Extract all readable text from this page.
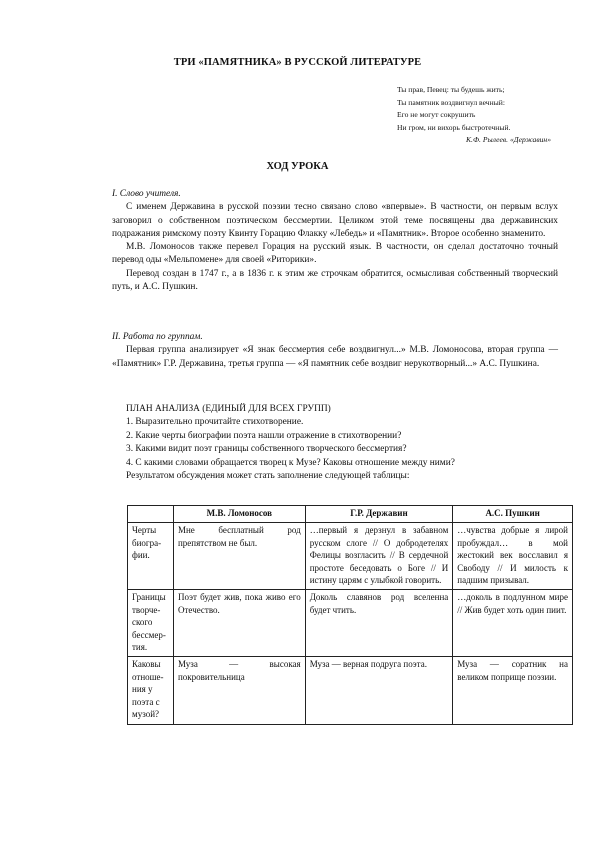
ТРИ «ПАМЯТНИКА» В РУССКОЙ ЛИТЕРАТУРЕ
Ты прав, Певец: ты будешь жить;
Ты памятник воздвигнул вечный:
Его не могут сокрушить
Ни гром, ни вихорь быстротечный.
К.Ф. Рылеев. «Державин»
ХОД УРОКА

I. Слово учителя.

С именем Державина в русской поэзии тесно связано слово «впервые». В частности, он первым вслух заговорил о собственном поэтическом бессмертии. Целиком этой теме посвящены два державинских подражания римскому поэту Квинту Горацию Флакку «Лебедь» и «Памятник». Второе особенно знаменито.

М.В. Ломоносов также перевел Горация на русский язык. В частности, он сделал достаточно точный перевод оды «Мельпомене» для своей «Риторики».

Перевод создан в 1747 г., а в 1836 г. к этим же строчкам обратится, осмысливая собственный творческий путь, и А.С. Пушкин.

II. Работа по группам.

Первая группа анализирует «Я знак бессмертия себе воздвигнул...» М.В. Ломоносова, вторая группа — «Памятник» Г.Р. Державина, третья группа — «Я памятник себе воздвиг нерукотворный...» А.С. Пушкина.

ПЛАН АНАЛИЗА (ЕДИНЫЙ ДЛЯ ВСЕХ ГРУПП)
1. Выразительно прочитайте стихотворение.
2. Какие черты биографии поэта нашли отражение в стихотворении?
3. Какими видит поэт границы собственного творческого бессмертия?
4. С какими словами обращается творец к Музе? Каковы отношение между ними?
Результатом обсуждения может стать заполнение следующей таблицы:
	М.В. Ломоносов	Г.Р. Державин	А.С. Пушкин
Черты биогра-фии.	Мне бесплатный род препятством не был.	…первый я дерзнул в забавном русском слоге // О добродетелях Фелицы возгласить // В сердечной простоте беседовать о Боге // И истину царям с улыбкой говорить.	…чувства добрые я лирой пробуждал… в мой жестокий век восславил я Свободу // И милость к падшим призывал.
Границы творче-ского бессмер-тия.	Поэт будет жив, пока живо его Отечество.	Доколь славянов род вселенна будет чтить.	…доколь в подлунном мире // Жив будет хоть один пиит.
Каковы отноше-ния у поэта с музой?	Муза — высокая покровительница	Муза — верная подруга поэта.	Муза — соратник на великом поприще поэзии.
